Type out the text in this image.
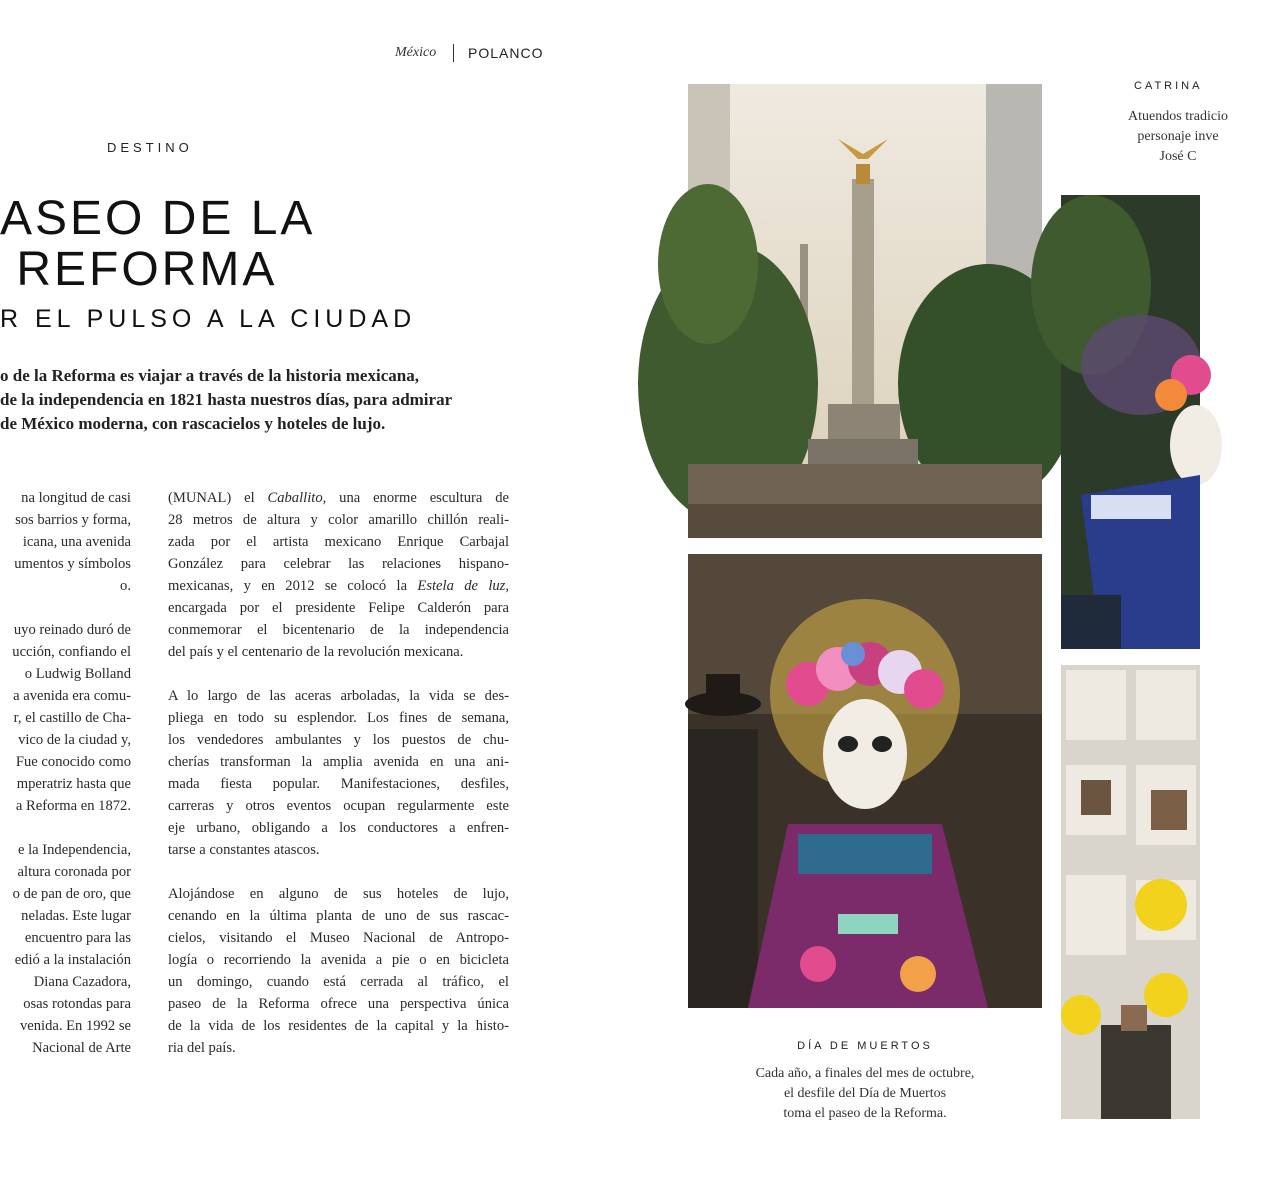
México POLANCO
DESTINO
ASEO DE LA
REFORMA
R EL PULSO A LA CIUDAD

o de la Reforma es viajar a través de la historia mexicana,
de la independencia en 1821 hasta nuestros días, para admirar
de México moderna, con rascacielos y hoteles de lujo.

na longitud de casi
sos barrios y forma,
icana, una avenida
umentos y símbolos
o.

uyo reinado duró de
ucción, confiando el
o Ludwig Bolland
a avenida era comu-
r, el castillo de Cha-
vico de la ciudad y,
Fue conocido como
mperatriz hasta que
a Reforma en 1872.

e la Independencia,
altura coronada por
o de pan de oro, que
neladas. Este lugar
encuentro para las
edió a la instalación
Diana Cazadora,
osas rotondas para
venida. En 1992 se
Nacional de Arte

(MUNAL) el Caballito, una enorme escultura de
28 metros de altura y color amarillo chillón reali-
zada por el artista mexicano Enrique Carbajal
González para celebrar las relaciones hispano-
mexicanas, y en 2012 se colocó la Estela de luz,
encargada por el presidente Felipe Calderón para
conmemorar el bicentenario de la independencia
del país y el centenario de la revolución mexicana.

A lo largo de las aceras arboladas, la vida se des-
pliega en todo su esplendor. Los fines de semana,
los vendedores ambulantes y los puestos de chu-
cherías transforman la amplia avenida en una ani-
mada fiesta popular. Manifestaciones, desfiles,
carreras y otros eventos ocupan regularmente este
eje urbano, obligando a los conductores a enfren-
tarse a constantes atascos.

Alojándose en alguno de sus hoteles de lujo,
cenando en la última planta de uno de sus rascac-
cielos, visitando el Museo Nacional de Antropo-
logía o recorriendo la avenida a pie o en bicicleta
un domingo, cuando está cerrada al tráfico, el
paseo de la Reforma ofrece una perspectiva única
de la vida de los residentes de la capital y la histo-
ria del país.	DÍA DE MUERTOS
Cada año, a finales del mes de octubre,
el desfile del Día de Muertos
toma el paseo de la Reforma.
CATRINA
Atuendos tradicio
personaje inve
José C
